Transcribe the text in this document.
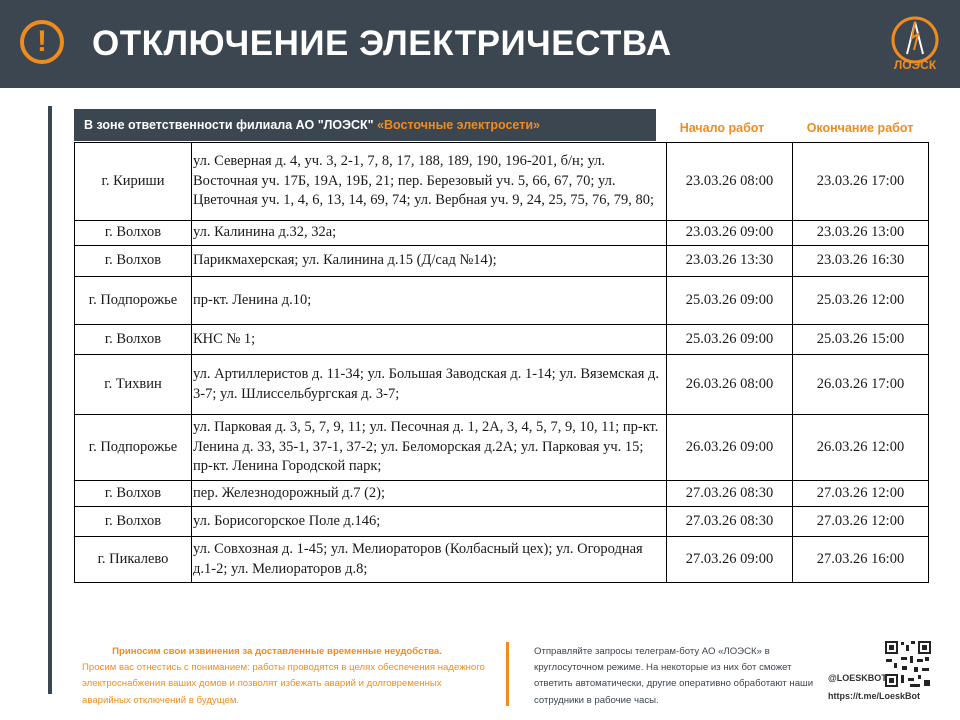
!	ОТКЛЮЧЕНИЕ ЭЛЕКТРИЧЕСТВА
ЛОЭСК
В зоне ответственности филиала АО "ЛОЭСК" «Восточные электросети»	Начало работ	Окончание работ
г. Кириши	ул. Северная д. 4, уч. 3, 2-1, 7, 8, 17, 188, 189, 190, 196-201, б/н; ул. Восточная уч. 17Б, 19А, 19Б, 21; пер. Березовый уч. 5, 66, 67, 70; ул. Цветочная уч. 1, 4, 6, 13, 14, 69, 74; ул. Вербная уч. 9, 24, 25, 75, 76, 79, 80;	23.03.26 08:00	23.03.26 17:00
г. Волхов	ул. Калинина д.32, 32а;	23.03.26 09:00	23.03.26 13:00
г. Волхов	Парикмахерская; ул. Калинина д.15 (Д/сад №14);	23.03.26 13:30	23.03.26 16:30
г. Подпорожье	пр-кт. Ленина д.10;	25.03.26 09:00	25.03.26 12:00
г. Волхов	КНС № 1;	25.03.26 09:00	25.03.26 15:00
г. Тихвин	ул. Артиллеристов д. 11-34; ул. Большая Заводская д. 1-14; ул. Вяземская д. 3-7; ул. Шлиссельбургская д. 3-7;	26.03.26 08:00	26.03.26 17:00
г. Подпорожье	ул. Парковая д. 3, 5, 7, 9, 11; ул. Песочная д. 1, 2А, 3, 4, 5, 7, 9, 10, 11; пр-кт. Ленина д. 33, 35-1, 37-1, 37-2; ул. Беломорская д.2А; ул. Парковая уч. 15; пр-кт. Ленина Городской парк;	26.03.26 09:00	26.03.26 12:00
г. Волхов	пер. Железнодорожный д.7 (2);	27.03.26 08:30	27.03.26 12:00
г. Волхов	ул. Борисогорское Поле д.146;	27.03.26 08:30	27.03.26 12:00
г. Пикалево	ул. Совхозная д. 1-45; ул. Мелиораторов (Колбасный цех); ул. Огородная д.1-2; ул. Мелиораторов д.8;	27.03.26 09:00	27.03.26 16:00
Приносим свои извинения за доставленные временные неудобства.
Просим вас отнестись с пониманием: работы проводятся в целях обеспечения надежного электроснабжения ваших домов и позволят избежать аварий и долговременных аварийных отключений в будущем.
Отправляйте запросы телеграм-боту АО «ЛОЭСК» в круглосуточном режиме. На некоторые из них бот сможет ответить автоматически, другие оперативно обработают наши сотрудники в рабочие часы.
@LOESKBOT
https://t.me/LoeskBot
